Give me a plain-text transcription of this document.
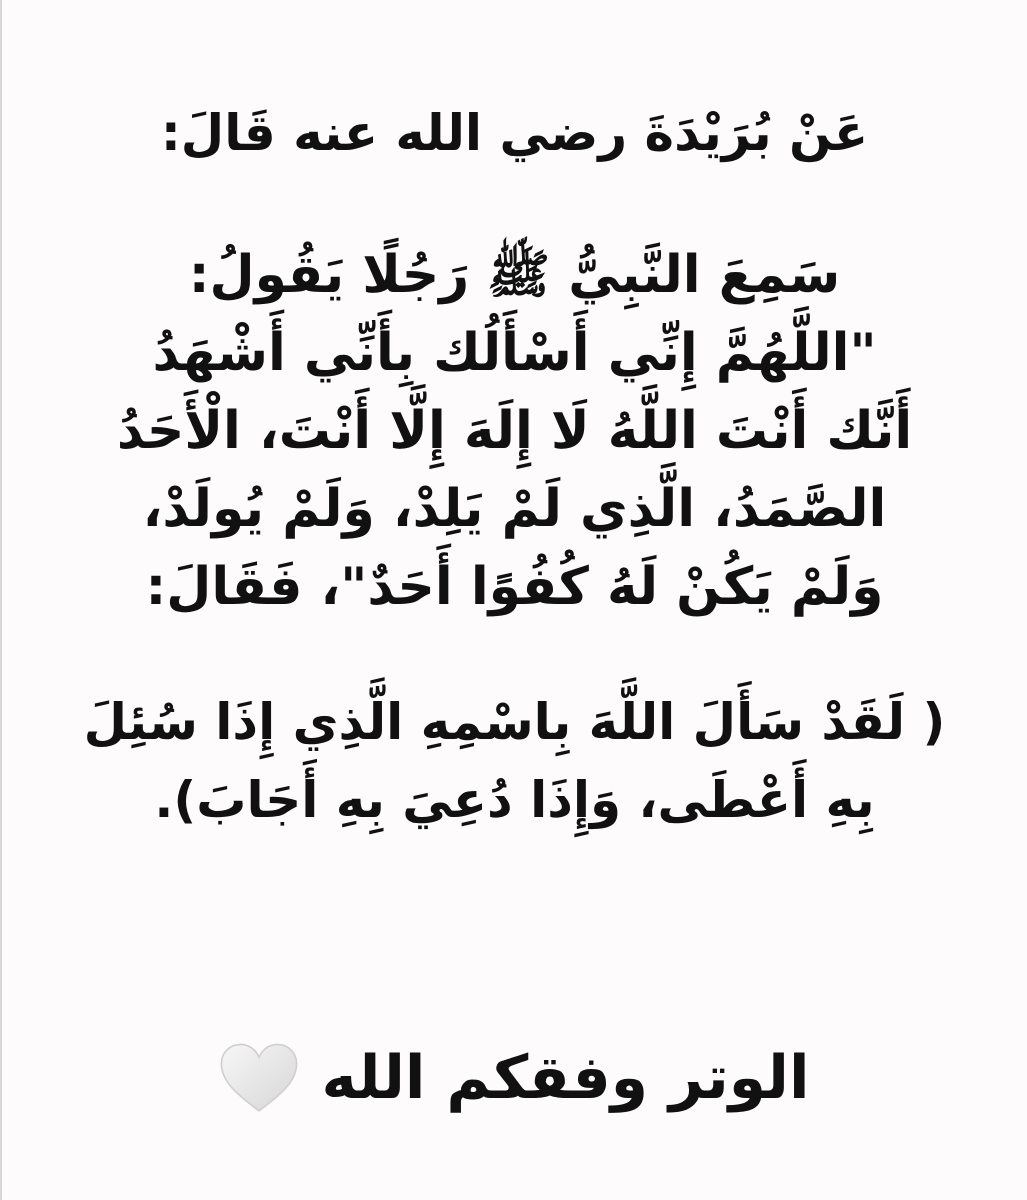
عَنْ بُرَيْدَةَ رضي الله عنه قَالَ:
سَمِعَ النَّبِيُّ ﷺ رَجُلًا يَقُولُ:
"اللَّهُمَّ إِنِّي أَسْأَلُك بِأَنِّي أَشْهَدُ
أَنَّك أَنْتَ اللَّهُ لَا إِلَهَ إِلَّا أَنْتَ، الْأَحَدُ
الصَّمَدُ، الَّذِي لَمْ يَلِدْ، وَلَمْ يُولَدْ،
وَلَمْ يَكُنْ لَهُ كُفُوًا أَحَدٌ"، فَقَالَ:
( لَقَدْ سَأَلَ اللَّهَ بِاسْمِهِ الَّذِي إِذَا سُئِلَ
بِهِ أَعْطَى، وَإِذَا دُعِيَ بِهِ أَجَابَ).
الوتر وفقكم الله
